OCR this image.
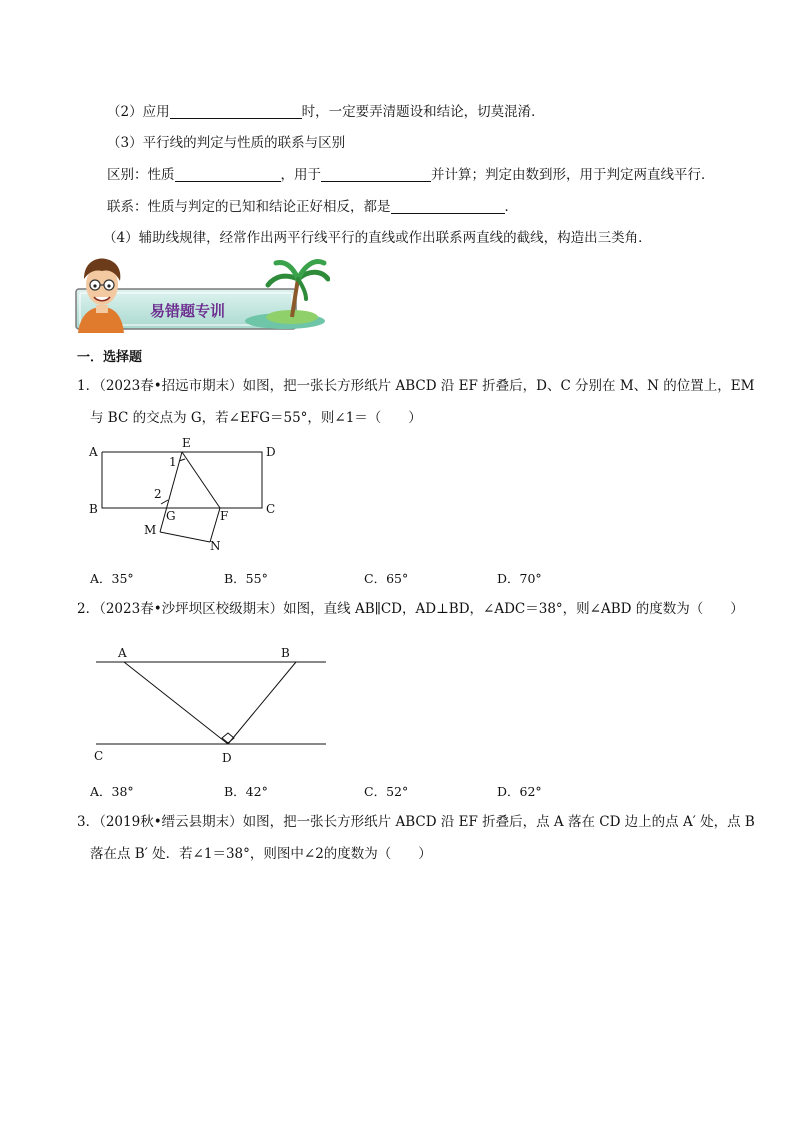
（2）应用	时，一定要弄清题设和结论，切莫混淆．
（3）平行线的判定与性质的联系与区别
区别：性质	，用于	并计算；判定由数到形，用于判定两直线平行．
联系：性质与判定的已知和结论正好相反，都是	．
（4）辅助线规律，经常作出两平行线平行的直线或作出联系两直线的截线，构造出三类角．
易错题专训
一．选择题
1．（2023春•招远市期末）如图，把一张长方形纸片 ABCD 沿 EF 折叠后，D、C 分别在 M、N 的位置上，EM
与 BC 的交点为 G，若∠EFG＝55°，则∠1＝（　　）
A
E
D
1
2
B	G	F	C
M
N
A．35°	B．55°	C．65°	D．70°
2．（2023春•沙坪坝区校级期末）如图，直线 AB∥CD，AD⊥BD，∠ADC＝38°，则∠ABD 的度数为（　　）
A	B
C	D
A．38°	B．42°	C．52°	D．62°
3．（2019秋•缙云县期末）如图，把一张长方形纸片 ABCD 沿 EF 折叠后，点 A 落在 CD 边上的点 A′ 处，点 B
落在点 B′ 处．若∠1＝38°，则图中∠2的度数为（　　）
